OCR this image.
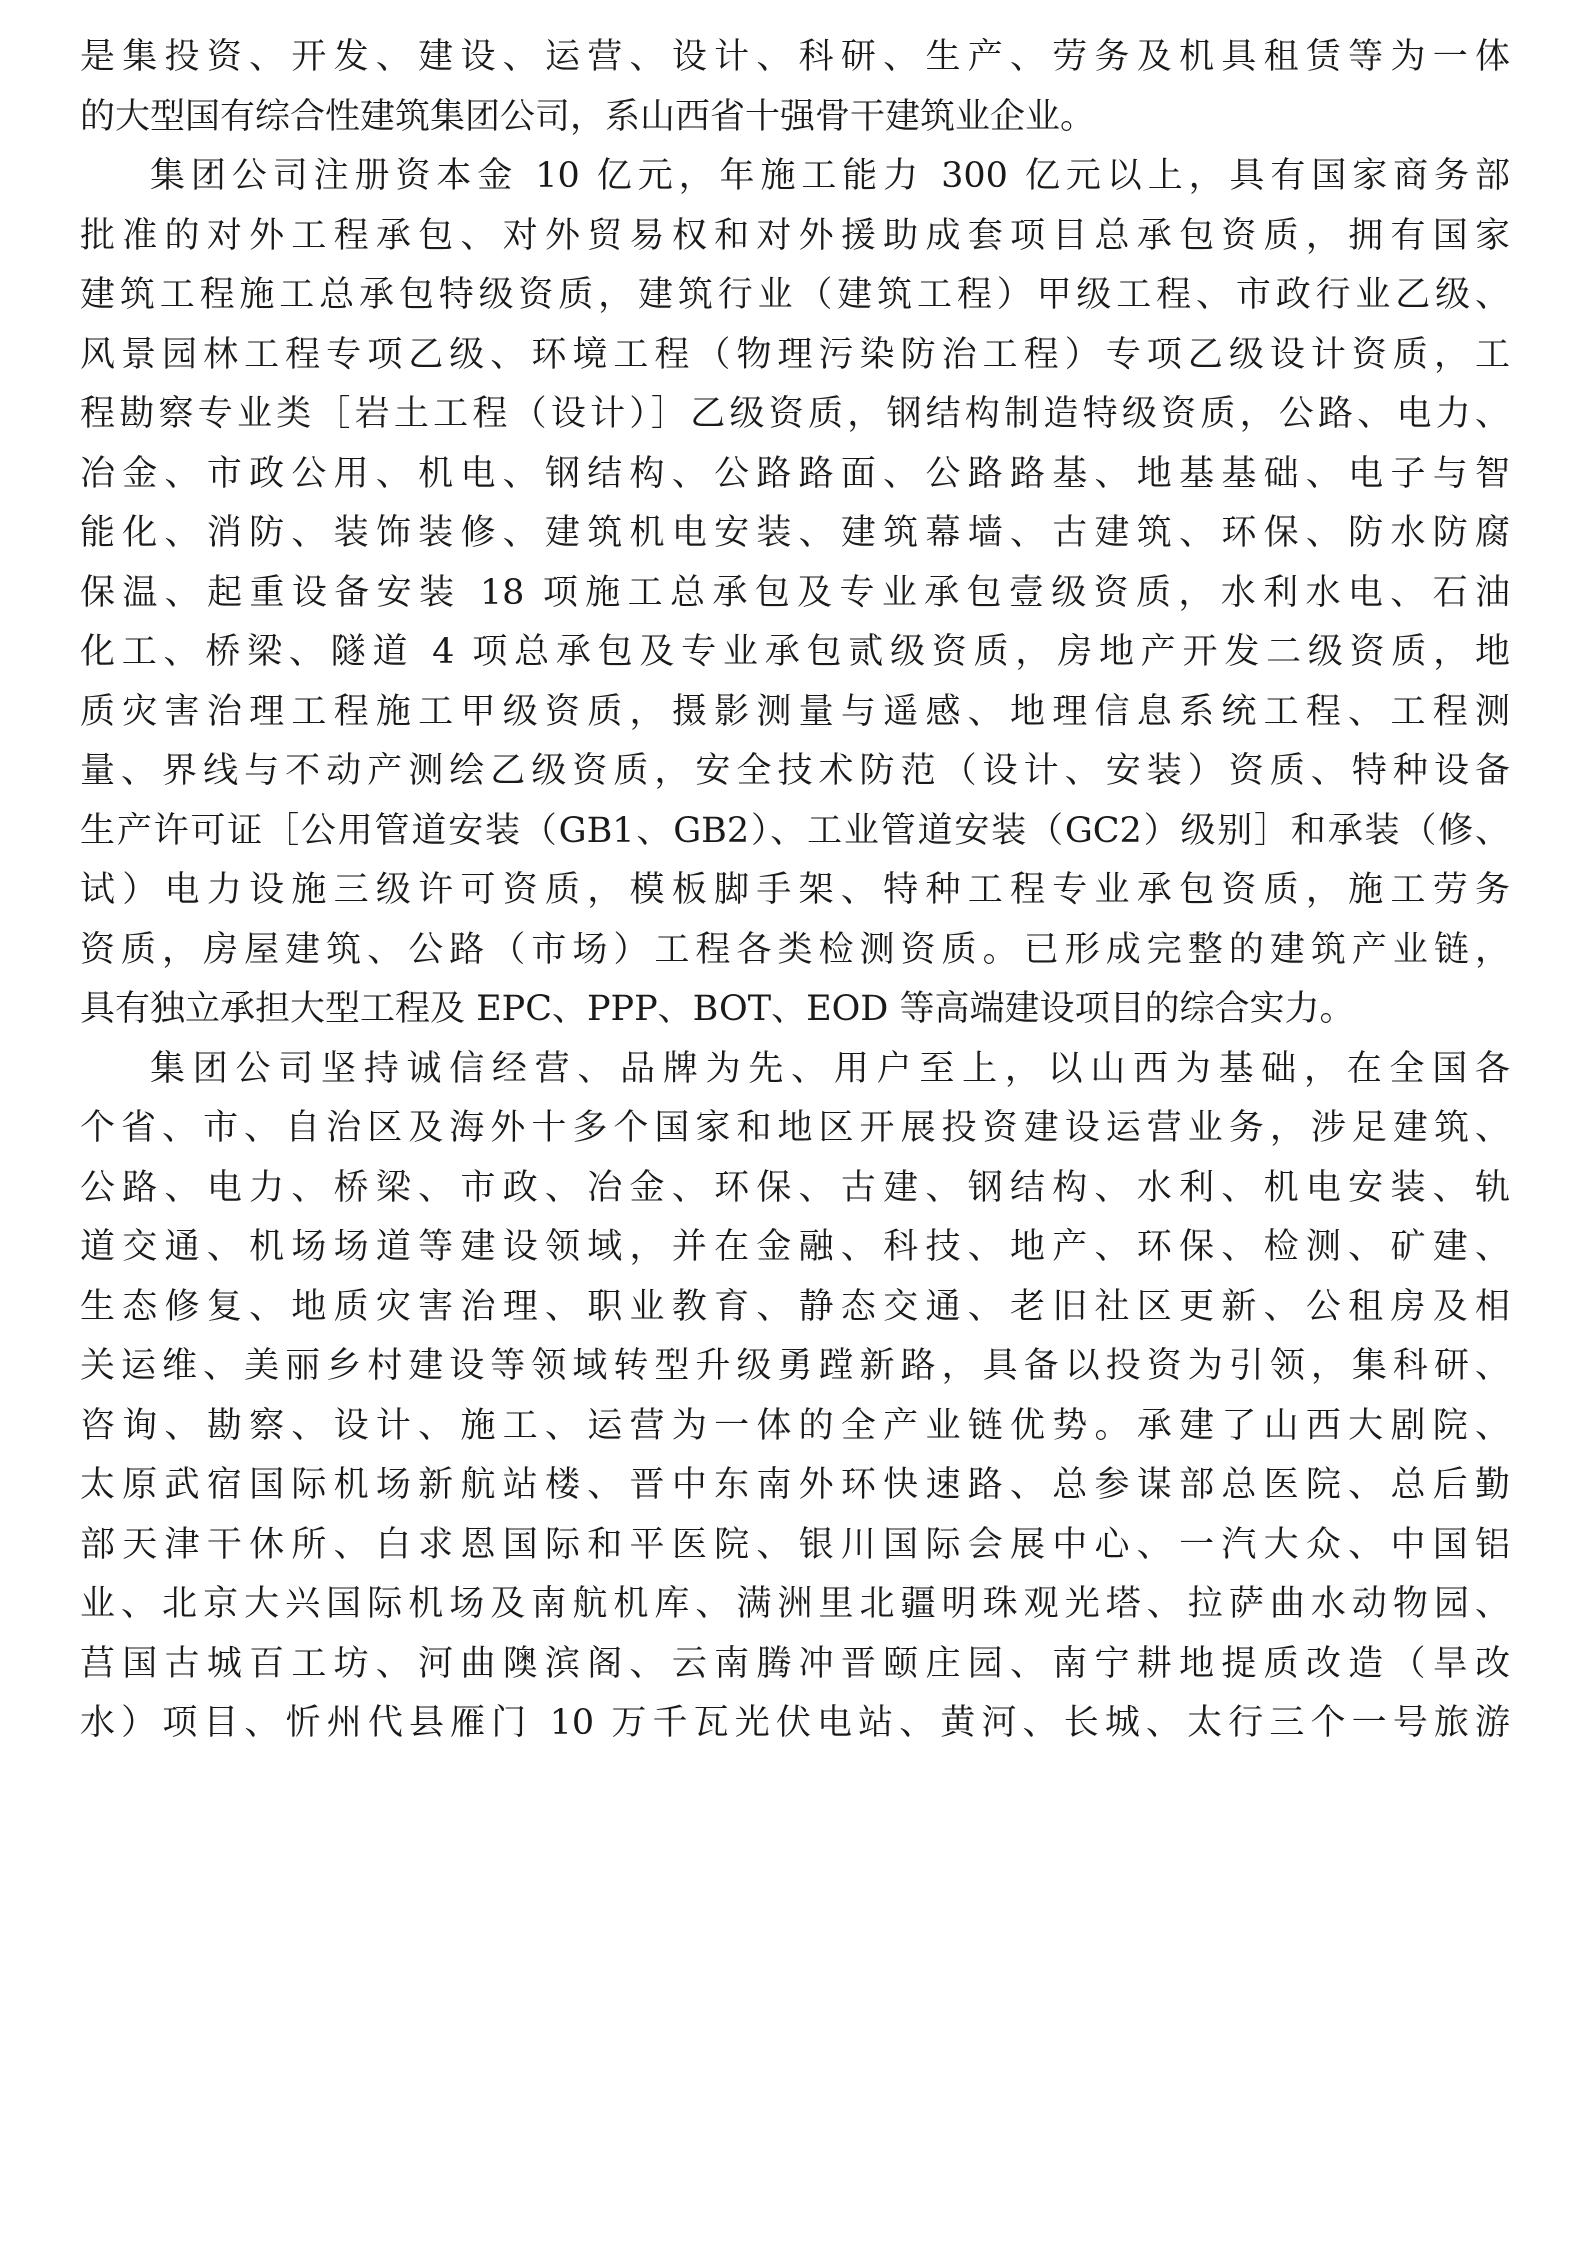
是集投资、开发、建设、运营、设计、科研、生产、劳务及机具租赁等为一体
的大型国有综合性建筑集团公司，系山西省十强骨干建筑业企业。
集团公司注册资本金 10 亿元，年施工能力 300 亿元以上，具有国家商务部
批准的对外工程承包、对外贸易权和对外援助成套项目总承包资质，拥有国家
建筑工程施工总承包特级资质，建筑行业（建筑工程）甲级工程、市政行业乙级、
风景园林工程专项乙级、环境工程（物理污染防治工程）专项乙级设计资质，工
程勘察专业类［岩土工程（设计）］乙级资质，钢结构制造特级资质，公路、电力、
冶金、市政公用、机电、钢结构、公路路面、公路路基、地基基础、电子与智
能化、消防、装饰装修、建筑机电安装、建筑幕墙、古建筑、环保、防水防腐
保温、起重设备安装 18 项施工总承包及专业承包壹级资质，水利水电、石油
化工、桥梁、隧道 4 项总承包及专业承包贰级资质，房地产开发二级资质，地
质灾害治理工程施工甲级资质，摄影测量与遥感、地理信息系统工程、工程测
量、界线与不动产测绘乙级资质，安全技术防范（设计、安装）资质、特种设备
生产许可证［公用管道安装（GB1、GB2）、工业管道安装（GC2）级别］和承装（修、
试）电力设施三级许可资质，模板脚手架、特种工程专业承包资质，施工劳务
资质，房屋建筑、公路（市场）工程各类检测资质。已形成完整的建筑产业链，
具有独立承担大型工程及 EPC、PPP、BOT、EOD 等高端建设项目的综合实力。
集团公司坚持诚信经营、品牌为先、用户至上，以山西为基础，在全国各
个省、市、自治区及海外十多个国家和地区开展投资建设运营业务，涉足建筑、
公路、电力、桥梁、市政、冶金、环保、古建、钢结构、水利、机电安装、轨
道交通、机场场道等建设领域，并在金融、科技、地产、环保、检测、矿建、
生态修复、地质灾害治理、职业教育、静态交通、老旧社区更新、公租房及相
关运维、美丽乡村建设等领域转型升级勇蹚新路，具备以投资为引领，集科研、
咨询、勘察、设计、施工、运营为一体的全产业链优势。承建了山西大剧院、
太原武宿国际机场新航站楼、晋中东南外环快速路、总参谋部总医院、总后勤
部天津干休所、白求恩国际和平医院、银川国际会展中心、一汽大众、中国铝
业、北京大兴国际机场及南航机库、满洲里北疆明珠观光塔、拉萨曲水动物园、
莒国古城百工坊、河曲隩滨阁、云南腾冲晋颐庄园、南宁耕地提质改造（旱改
水）项目、忻州代县雁门 10 万千瓦光伏电站、黄河、长城、太行三个一号旅游
